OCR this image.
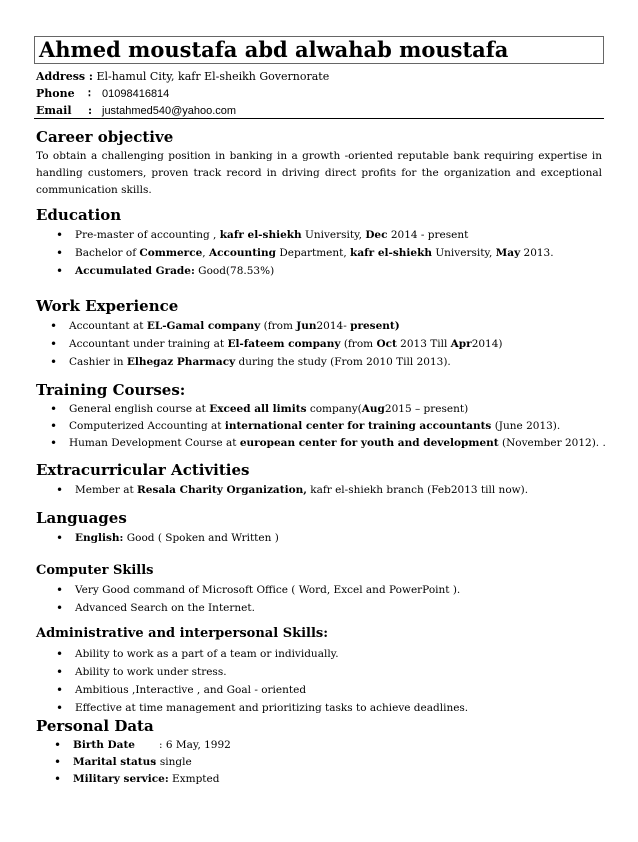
Ahmed moustafa abd alwahab moustafa
Address : El-hamul City, kafr El-sheikh Governorate
Phone ∶ 01098416814
Email : justahmed540@yahoo.com
Career objective
To obtain a challenging position in banking in a growth -oriented reputable bank requiring expertise in handling customers, proven track record in driving direct profits for the organization and exceptional communication skills.
Education
• Pre-master of accounting , kafr el-shiekh University, Dec 2014 - present
• Bachelor of Commerce, Accounting Department, kafr el-shiekh University, May 2013.
• Accumulated Grade: Good(78.53%)
Work Experience
• Accountant at EL-Gamal company (from Jun2014- present)
• Accountant under training at El-fateem company (from Oct 2013 Till Apr2014)
• Cashier in Elhegaz Pharmacy during the study (From 2010 Till 2013).
Training Courses:
• General english course at Exceed all limits company(Aug2015 – present)
• Computerized Accounting at international center for training accountants (June 2013).
• Human Development Course at european center for youth and development (November 2012). .
Extracurricular Activities
• Member at Resala Charity Organization, kafr el-shiekh branch (Feb2013 till now).
Languages
• English: Good ( Spoken and Written )
Computer Skills
• Very Good command of Microsoft Office ( Word, Excel and PowerPoint ).
• Advanced Search on the Internet.
Administrative and interpersonal Skills:
• Ability to work as a part of a team or individually.
• Ability to work under stress.
• Ambitious ,Interactive , and Goal - oriented
• Effective at time management and prioritizing tasks to achieve deadlines.
Personal Data
• Birth Date : 6 May, 1992
• Marital status: single
• Military service: Exmpted
